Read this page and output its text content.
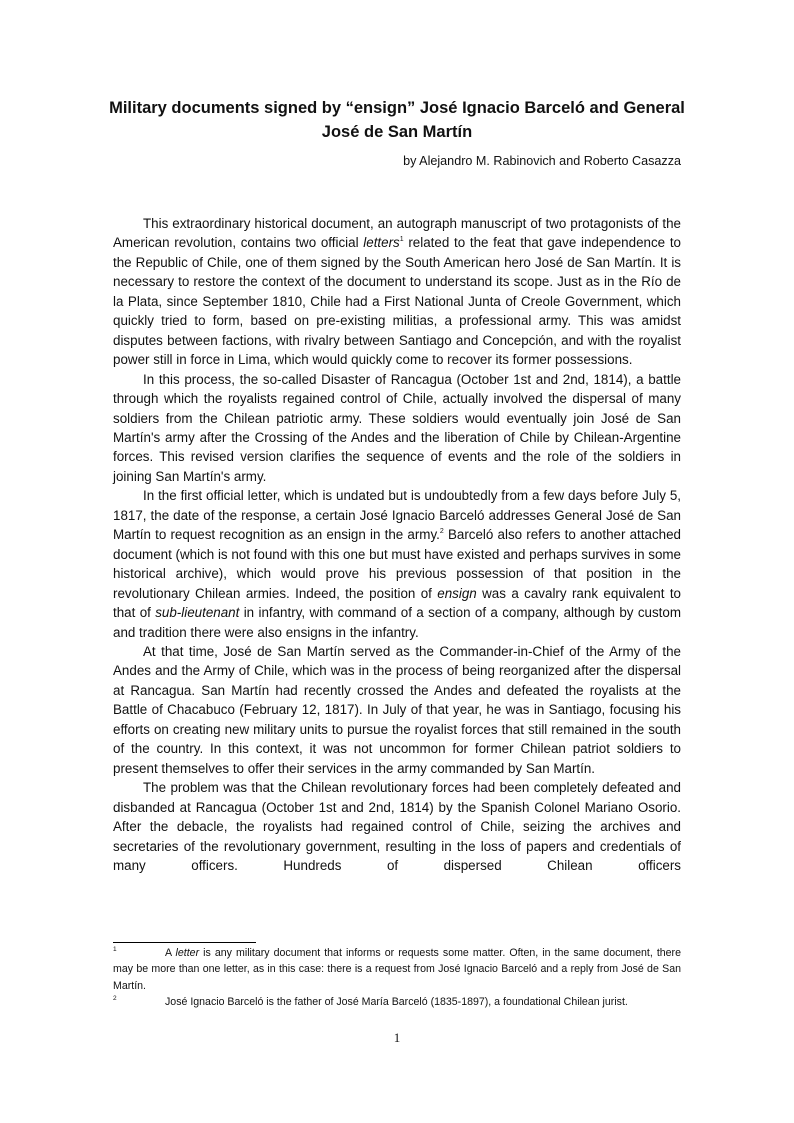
Military documents signed by “ensign” José Ignacio Barceló and General José de San Martín
by Alejandro M. Rabinovich and Roberto Casazza

This extraordinary historical document, an autograph manuscript of two protagonists of the American revolution, contains two official letters$^1$ related to the feat that gave independence to the Republic of Chile, one of them signed by the South American hero José de San Martín. It is necessary to restore the context of the document to understand its scope. Just as in the Río de la Plata, since September 1810, Chile had a First National Junta of Creole Government, which quickly tried to form, based on pre-existing militias, a professional army. This was amidst disputes between factions, with rivalry between Santiago and Concepción, and with the royalist power still in force in Lima, which would quickly come to recover its former possessions.

In this process, the so-called Disaster of Rancagua (October 1st and 2nd, 1814), a battle through which the royalists regained control of Chile, actually involved the dispersal of many soldiers from the Chilean patriotic army. These soldiers would eventually join José de San Martín's army after the Crossing of the Andes and the liberation of Chile by Chilean-Argentine forces. This revised version clarifies the sequence of events and the role of the soldiers in joining San Martín's army.

In the first official letter, which is undated but is undoubtedly from a few days before July 5, 1817, the date of the response, a certain José Ignacio Barceló addresses General José de San Martín to request recognition as an ensign in the army.$^2$ Barceló also refers to another attached document (which is not found with this one but must have existed and perhaps survives in some historical archive), which would prove his previous possession of that position in the revolutionary Chilean armies. Indeed, the position of ensign was a cavalry rank equivalent to that of sub-lieutenant in infantry, with command of a section of a company, although by custom and tradition there were also ensigns in the infantry.

At that time, José de San Martín served as the Commander-in-Chief of the Army of the Andes and the Army of Chile, which was in the process of being reorganized after the dispersal at Rancagua. San Martín had recently crossed the Andes and defeated the royalists at the Battle of Chacabuco (February 12, 1817). In July of that year, he was in Santiago, focusing his efforts on creating new military units to pursue the royalist forces that still remained in the south of the country. In this context, it was not uncommon for former Chilean patriot soldiers to present themselves to offer their services in the army commanded by San Martín.

The problem was that the Chilean revolutionary forces had been completely defeated and disbanded at Rancagua (October 1st and 2nd, 1814) by the Spanish Colonel Mariano Osorio. After the debacle, the royalists had regained control of Chile, seizing the archives and secretaries of the revolutionary government, resulting in the loss of papers and credentials of many officers. Hundreds of dispersed Chilean officers

1	A letter is any military document that informs or requests some matter. Often, in the same document, there may be more than one letter, as in this case: there is a request from José Ignacio Barceló and a reply from José de San Martín.

2	José Ignacio Barceló is the father of José María Barceló (1835-1897), a foundational Chilean jurist.

1
